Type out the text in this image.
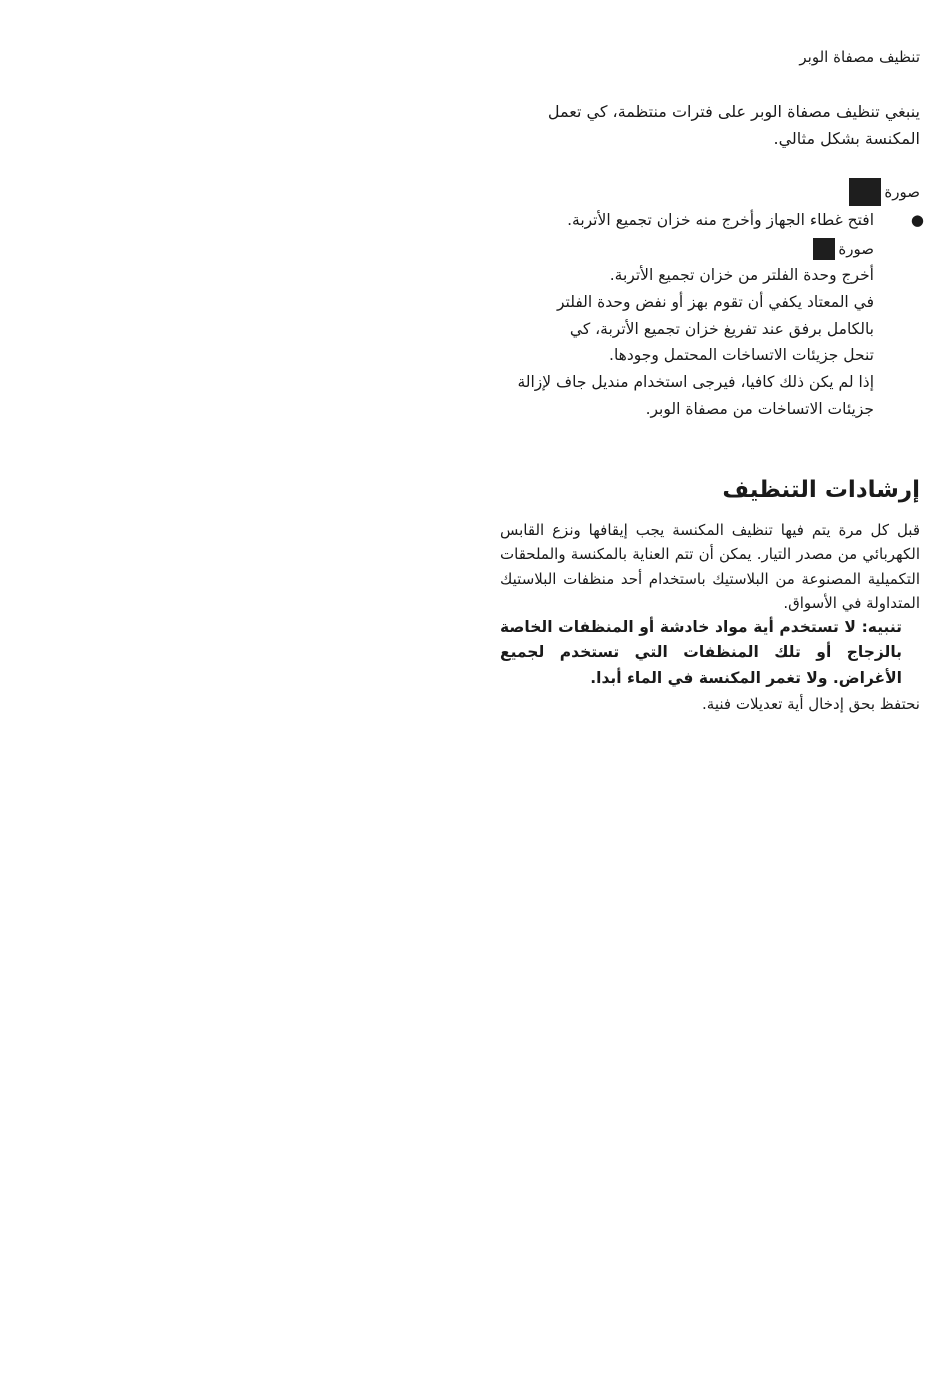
تنظيف مصفاة الوبر
ينبغي تنظيف مصفاة الوبر على فترات منتظمة، كي تعمل المكنسة بشكل مثالي.
صورة
●
افتح غطاء الجهاز وأخرج منه خزان تجميع الأتربة.
صورة
أخرج وحدة الفلتر من خزان تجميع الأتربة.
في المعتاد يكفي أن تقوم بهز أو نفض وحدة الفلتر
بالكامل برفق عند تفريغ خزان تجميع الأتربة، كي
تنحل جزيئات الاتساخات المحتمل وجودها.
إذا لم يكن ذلك كافيا، فيرجى استخدام منديل جاف لإزالة
جزيئات الاتساخات من مصفاة الوبر.
إرشادات التنظيف
قبل كل مرة يتم فيها تنظيف المكنسة يجب إيقافها ونزع القابس الكهربائي من مصدر التيار. يمكن أن تتم العناية بالمكنسة والملحقات التكميلية المصنوعة من البلاستيك باستخدام أحد منظفات البلاستيك المتداولة في الأسواق.
تنبيه: لا تستخدم أية مواد خادشة أو المنظفات الخاصة بالزجاج أو تلك المنظفات التي تستخدم لجميع الأغراض. ولا تغمر المكنسة في الماء أبدا.
نحتفظ بحق إدخال أية تعديلات فنية.
